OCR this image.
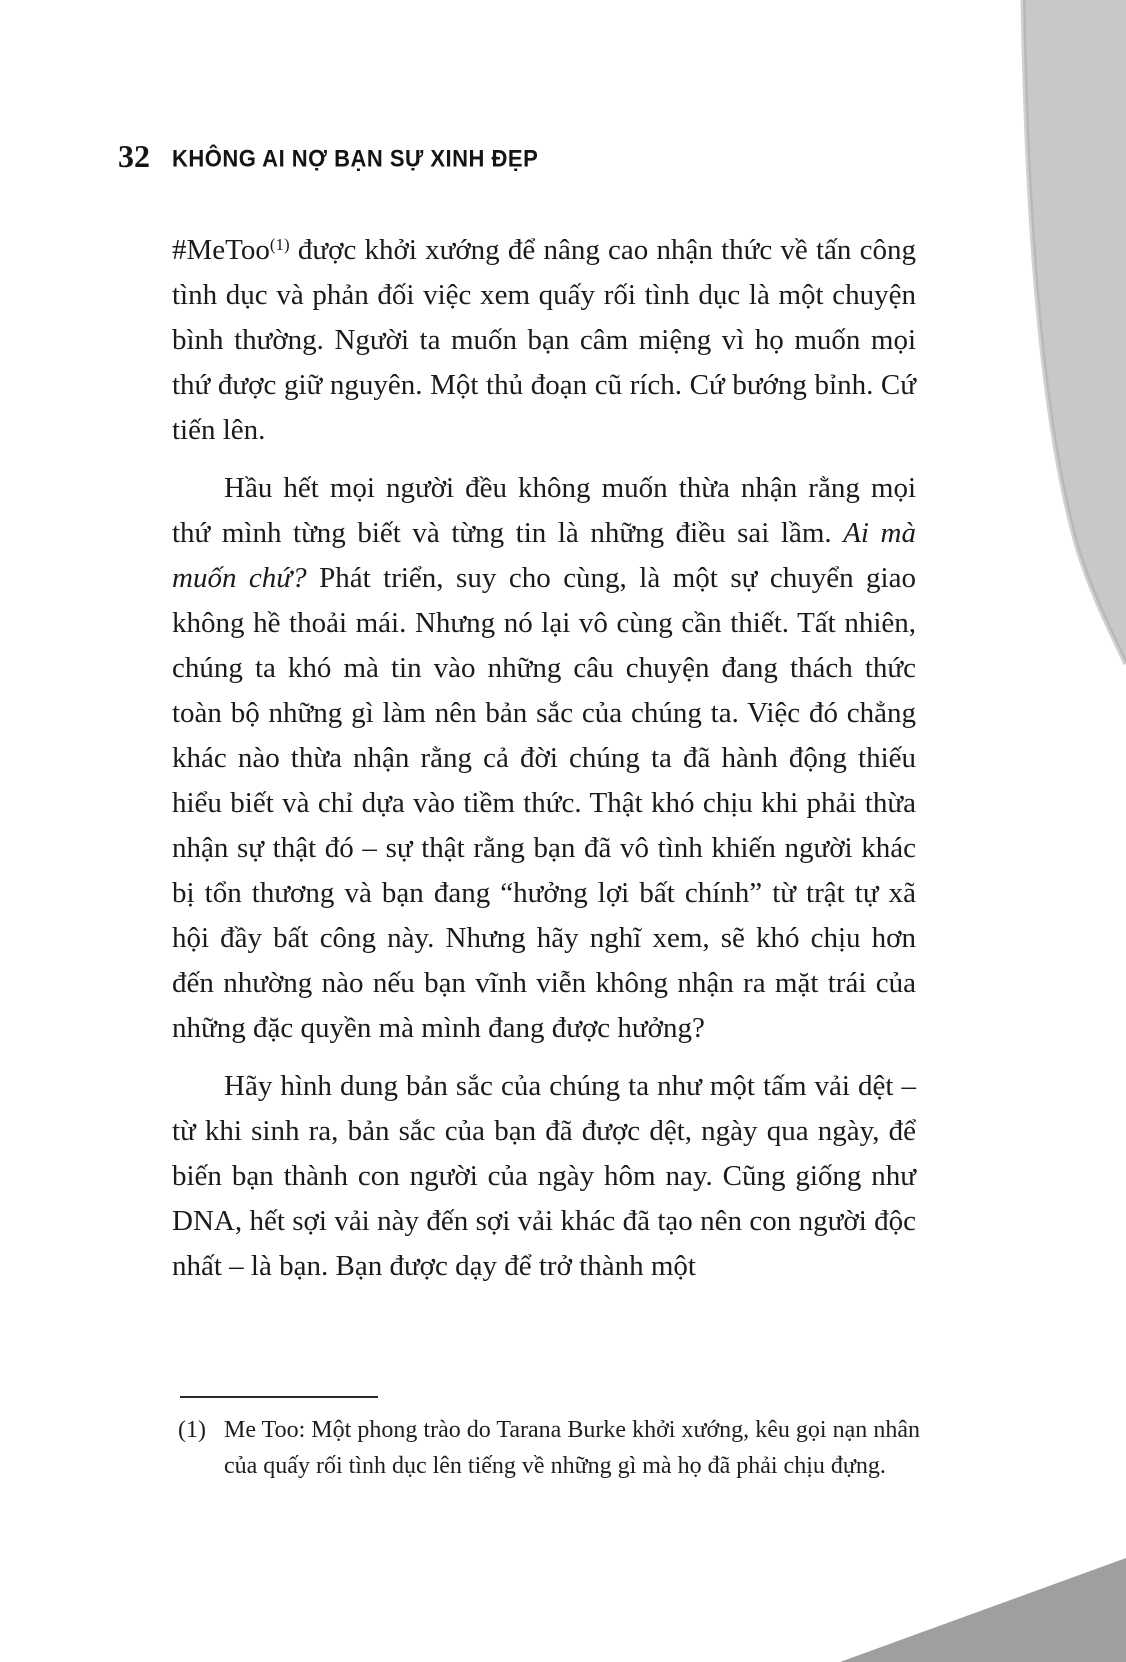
32 KHÔNG AI NỢ BẠN SỰ XINH ĐẸP

#MeToo$^{(1)}$ được khởi xướng để nâng cao nhận thức về tấn công tình dục và phản đối việc xem quấy rối tình dục là một chuyện bình thường. Người ta muốn bạn câm miệng vì họ muốn mọi thứ được giữ nguyên. Một thủ đoạn cũ rích. Cứ bướng bỉnh. Cứ tiến lên.

Hầu hết mọi người đều không muốn thừa nhận rằng mọi thứ mình từng biết và từng tin là những điều sai lầm. Ai mà muốn chứ? Phát triển, suy cho cùng, là một sự chuyển giao không hề thoải mái. Nhưng nó lại vô cùng cần thiết. Tất nhiên, chúng ta khó mà tin vào những câu chuyện đang thách thức toàn bộ những gì làm nên bản sắc của chúng ta. Việc đó chẳng khác nào thừa nhận rằng cả đời chúng ta đã hành động thiếu hiểu biết và chỉ dựa vào tiềm thức. Thật khó chịu khi phải thừa nhận sự thật đó – sự thật rằng bạn đã vô tình khiến người khác bị tổn thương và bạn đang “hưởng lợi bất chính” từ trật tự xã hội đầy bất công này. Nhưng hãy nghĩ xem, sẽ khó chịu hơn đến nhường nào nếu bạn vĩnh viễn không nhận ra mặt trái của những đặc quyền mà mình đang được hưởng?

Hãy hình dung bản sắc của chúng ta như một tấm vải dệt – từ khi sinh ra, bản sắc của bạn đã được dệt, ngày qua ngày, để biến bạn thành con người của ngày hôm nay. Cũng giống như DNA, hết sợi vải này đến sợi vải khác đã tạo nên con người độc nhất – là bạn. Bạn được dạy để trở thành một

(1) Me Too: Một phong trào do Tarana Burke khởi xướng, kêu gọi nạn nhân của quấy rối tình dục lên tiếng về những gì mà họ đã phải chịu đựng.
